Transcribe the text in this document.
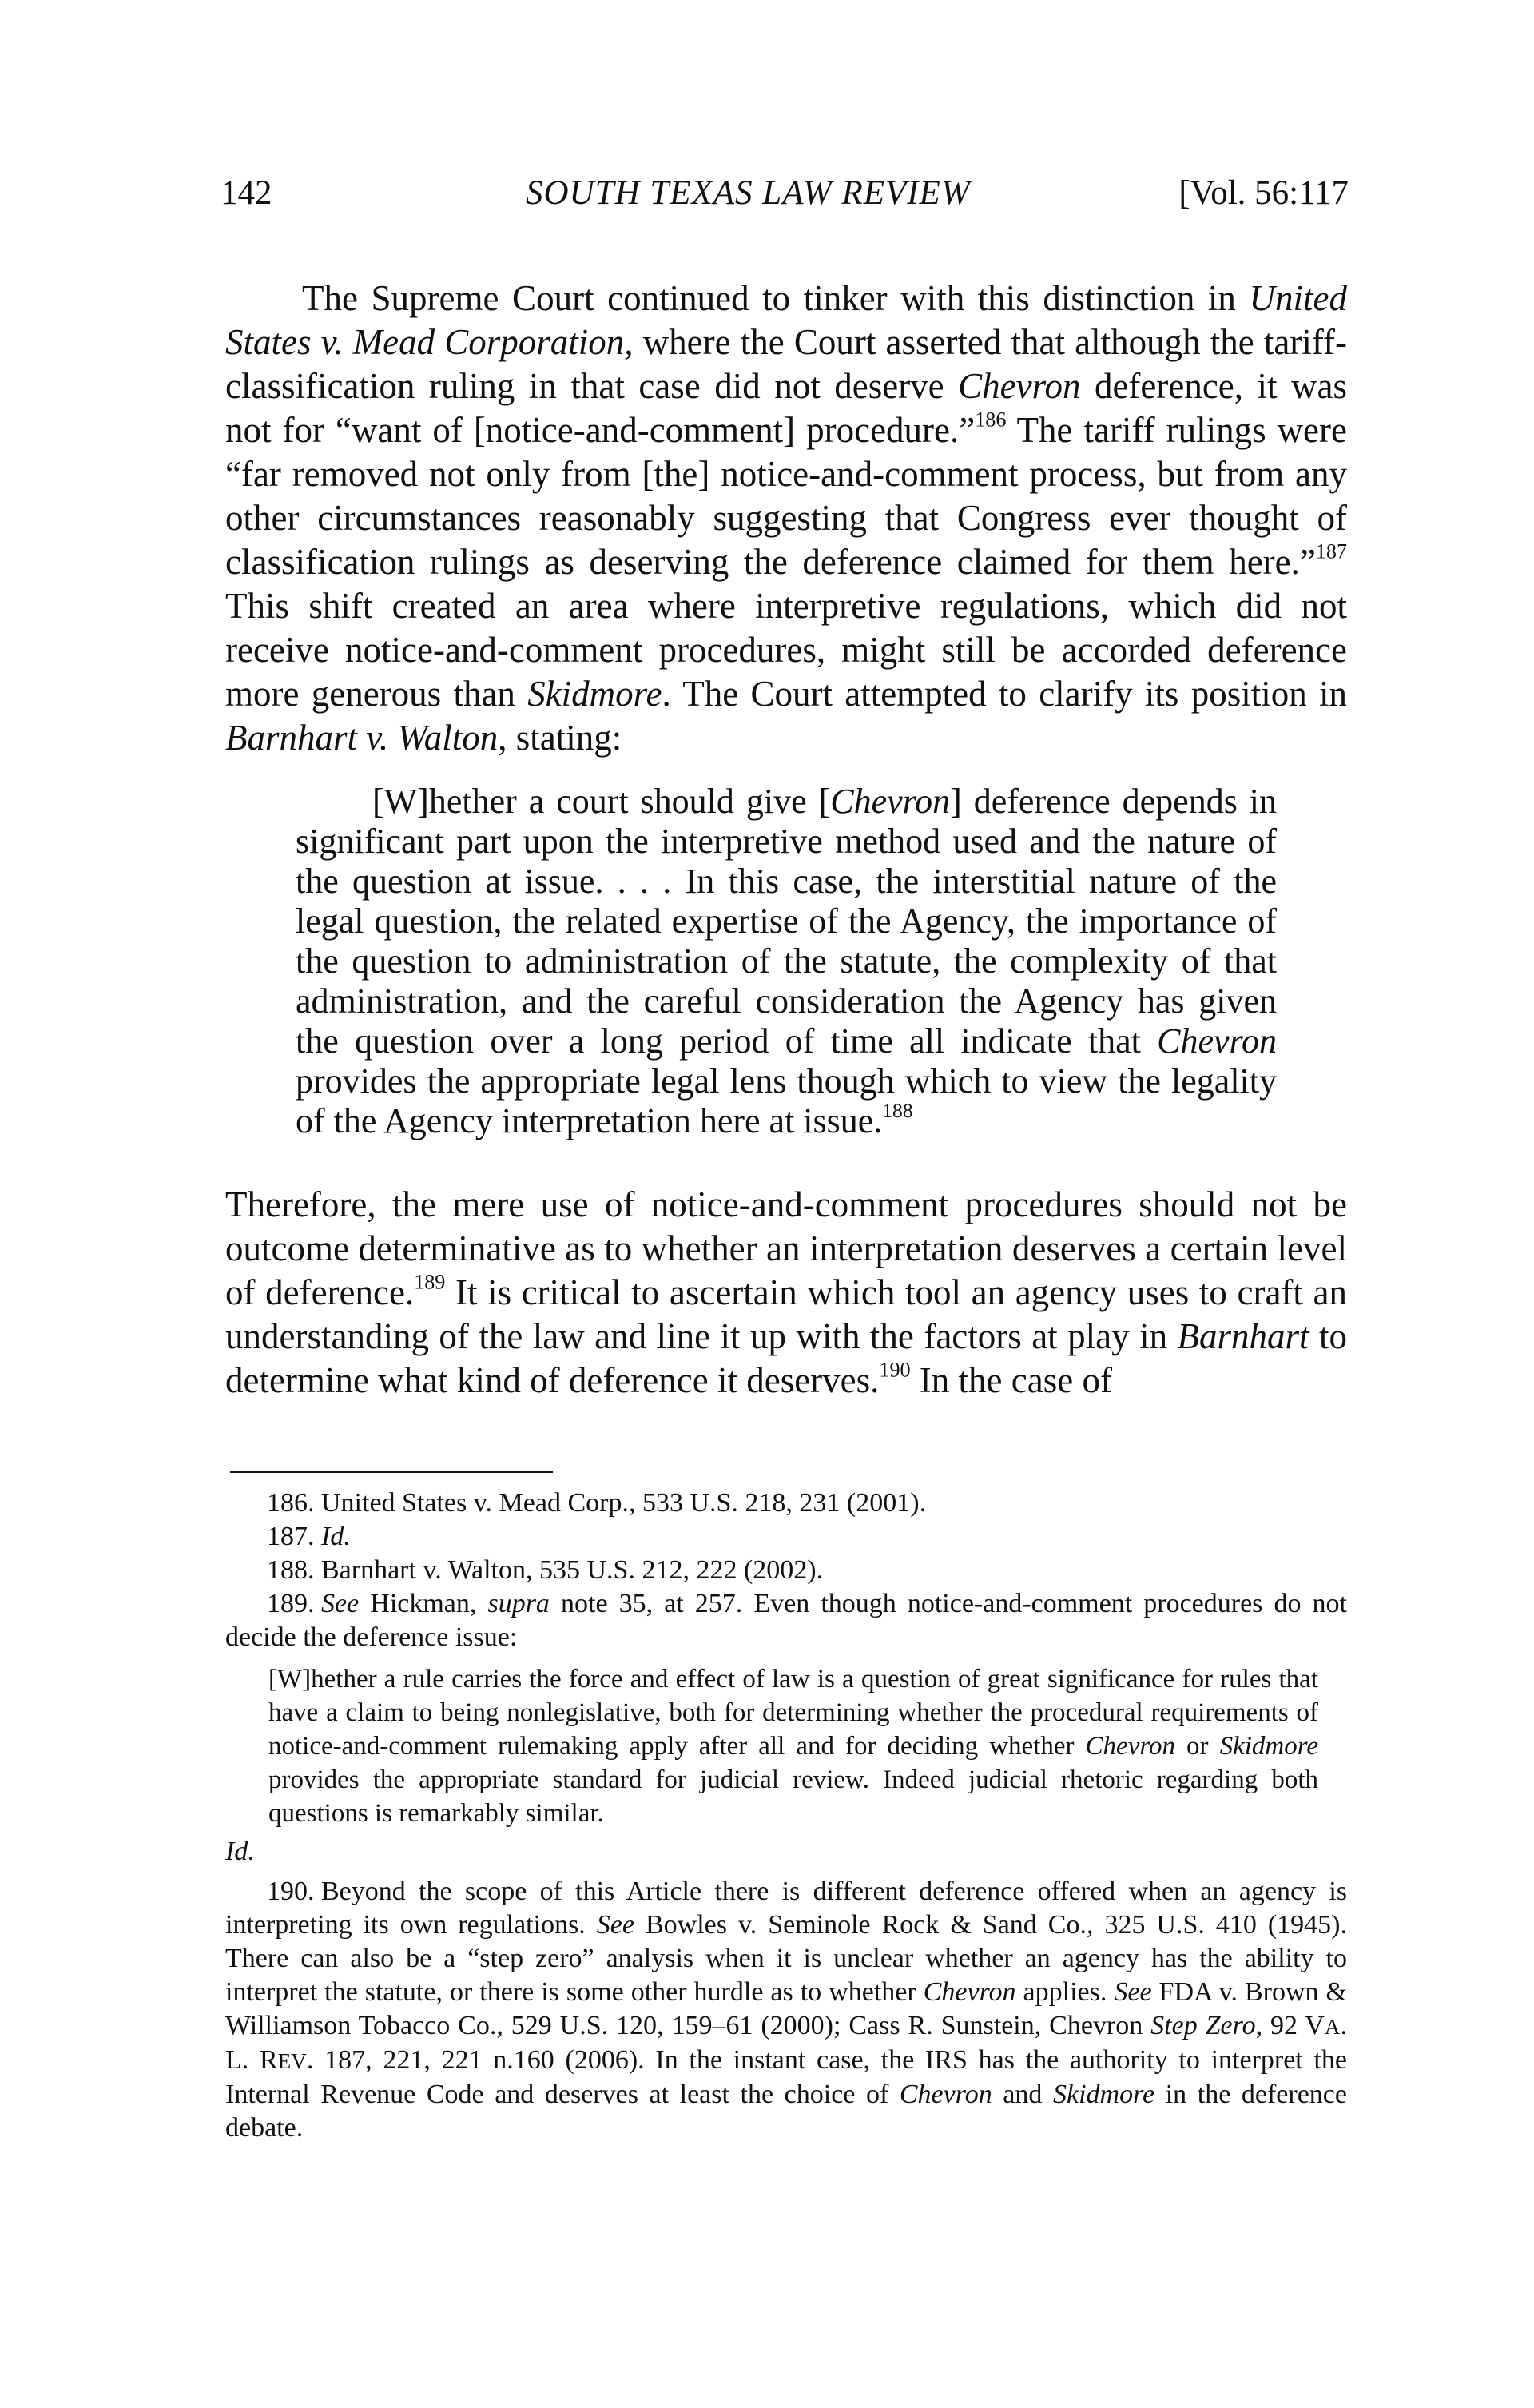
142	SOUTH TEXAS LAW REVIEW	[Vol. 56:117

The Supreme Court continued to tinker with this distinction in United States v. Mead Corporation, where the Court asserted that although the tariff-classification ruling in that case did not deserve Chevron deference, it was not for “want of [notice-and-comment] procedure.”$^{186}$ The tariff rulings were “far removed not only from [the] notice-and-comment process, but from any other circumstances reasonably suggesting that Congress ever thought of classification rulings as deserving the deference claimed for them here.”$^{187}$ This shift created an area where interpretive regulations, which did not receive notice-and-comment procedures, might still be accorded deference more generous than Skidmore. The Court attempted to clarify its position in Barnhart v. Walton, stating:

[W]hether a court should give [Chevron] deference depends in significant part upon the interpretive method used and the nature of the question at issue. . . . In this case, the interstitial nature of the legal question, the related expertise of the Agency, the importance of the question to administration of the statute, the complexity of that administration, and the careful consideration the Agency has given the question over a long period of time all indicate that Chevron provides the appropriate legal lens though which to view the legality of the Agency interpretation here at issue.$^{188}$

Therefore, the mere use of notice-and-comment procedures should not be outcome determinative as to whether an interpretation deserves a certain level of deference.$^{189}$ It is critical to ascertain which tool an agency uses to craft an understanding of the law and line it up with the factors at play in Barnhart to determine what kind of deference it deserves.$^{190}$ In the case of

186. United States v. Mead Corp., 533 U.S. 218, 231 (2001).

187. Id.

188. Barnhart v. Walton, 535 U.S. 212, 222 (2002).

189. See Hickman, supra note 35, at 257. Even though notice-and-comment procedures do not decide the deference issue:

[W]hether a rule carries the force and effect of law is a question of great significance for rules that have a claim to being nonlegislative, both for determining whether the procedural requirements of notice-and-comment rulemaking apply after all and for deciding whether Chevron or Skidmore provides the appropriate standard for judicial review. Indeed judicial rhetoric regarding both questions is remarkably similar.

Id.

190. Beyond the scope of this Article there is different deference offered when an agency is interpreting its own regulations. See Bowles v. Seminole Rock & Sand Co., 325 U.S. 410 (1945). There can also be a “step zero” analysis when it is unclear whether an agency has the ability to interpret the statute, or there is some other hurdle as to whether Chevron applies. See FDA v. Brown & Williamson Tobacco Co., 529 U.S. 120, 159–61 (2000); Cass R. Sunstein, Chevron Step Zero, 92 VA. L. REV. 187, 221, 221 n.160 (2006). In the instant case, the IRS has the authority to interpret the Internal Revenue Code and deserves at least the choice of Chevron and Skidmore in the deference debate.
